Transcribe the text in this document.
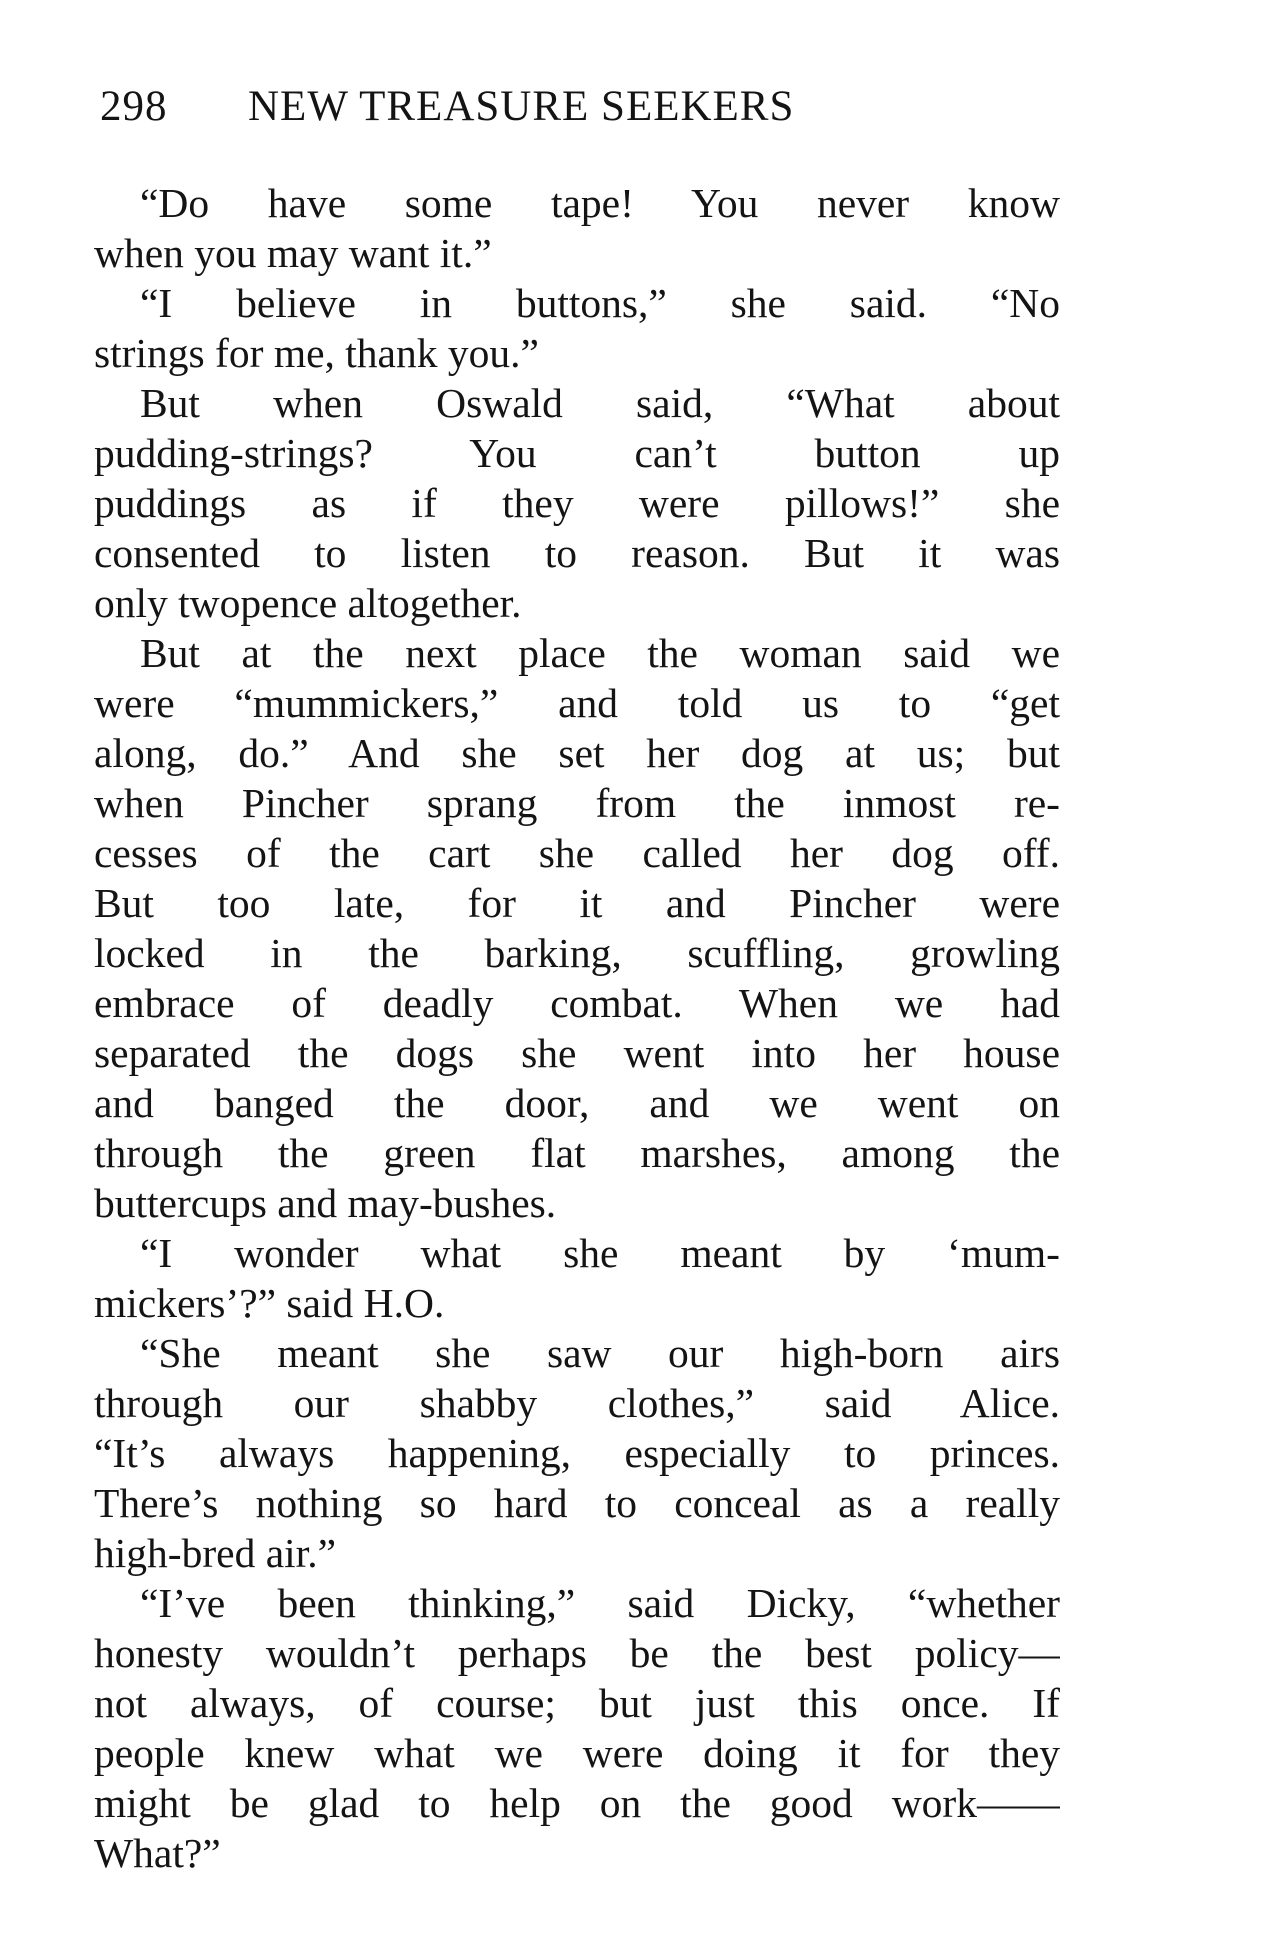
298 NEW TREASURE SEEKERS
“Do have some tape! You never know
when you may want it.”
“I believe in buttons,” she said. “No
strings for me, thank you.”
But when Oswald said, “What about
pudding-strings? You can’t button up
puddings as if they were pillows!” she
consented to listen to reason. But it was
only twopence altogether.
But at the next place the woman said we
were “mummickers,” and told us to “get
along, do.” And she set her dog at us; but
when Pincher sprang from the inmost re-
cesses of the cart she called her dog off.
But too late, for it and Pincher were
locked in the barking, scuffling, growling
embrace of deadly combat. When we had
separated the dogs she went into her house
and banged the door, and we went on
through the green flat marshes, among the
buttercups and may-bushes.
“I wonder what she meant by ‘mum-
mickers’?” said H.O.
“She meant she saw our high-born airs
through our shabby clothes,” said Alice.
“It’s always happening, especially to princes.
There’s nothing so hard to conceal as a really
high-bred air.”
“I’ve been thinking,” said Dicky, “whether
honesty wouldn’t perhaps be the best policy—
not always, of course; but just this once. If
people knew what we were doing it for they
might be glad to help on the good work——
What?”
